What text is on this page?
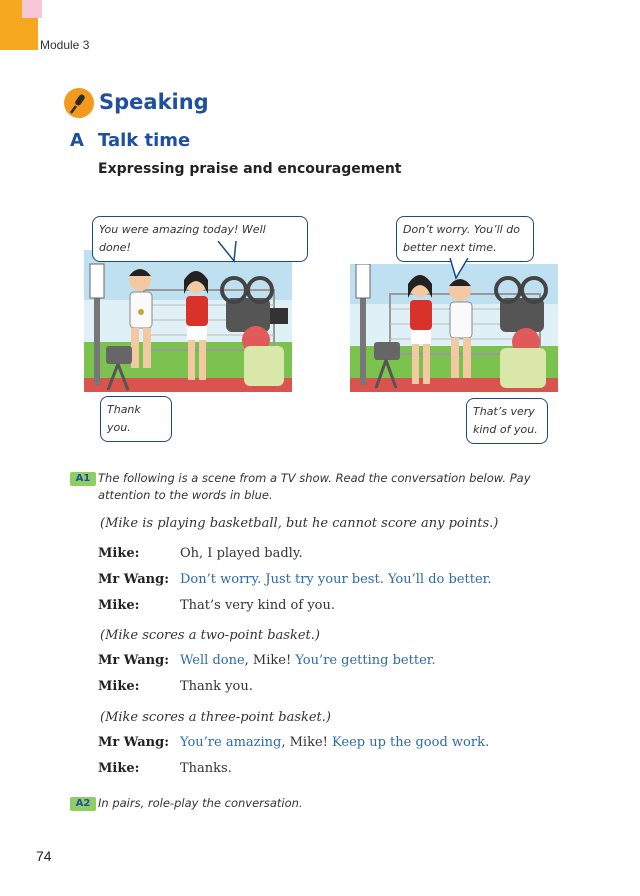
Module 3
Speaking
A Talk time
Expressing praise and encouragement
You were amazing today! Well done!
Thank you.
Don’t worry. You’ll do
better next time.
That’s very
kind of you.
A1 The following is a scene from a TV show. Read the conversation below. Pay
attention to the words in blue.
(Mike is playing basketball, but he cannot score any points.)
Mike:	Oh, I played badly.
Mr Wang: Don’t worry. Just try your best. You’ll do better.
Mike:	That’s very kind of you.
(Mike scores a two-point basket.)
Mr Wang: Well done, Mike! You’re getting better.
Mike:	Thank you.
(Mike scores a three-point basket.)
Mr Wang: You’re amazing, Mike! Keep up the good work.
Mike:	Thanks.
A2 In pairs, role-play the conversation.
74
